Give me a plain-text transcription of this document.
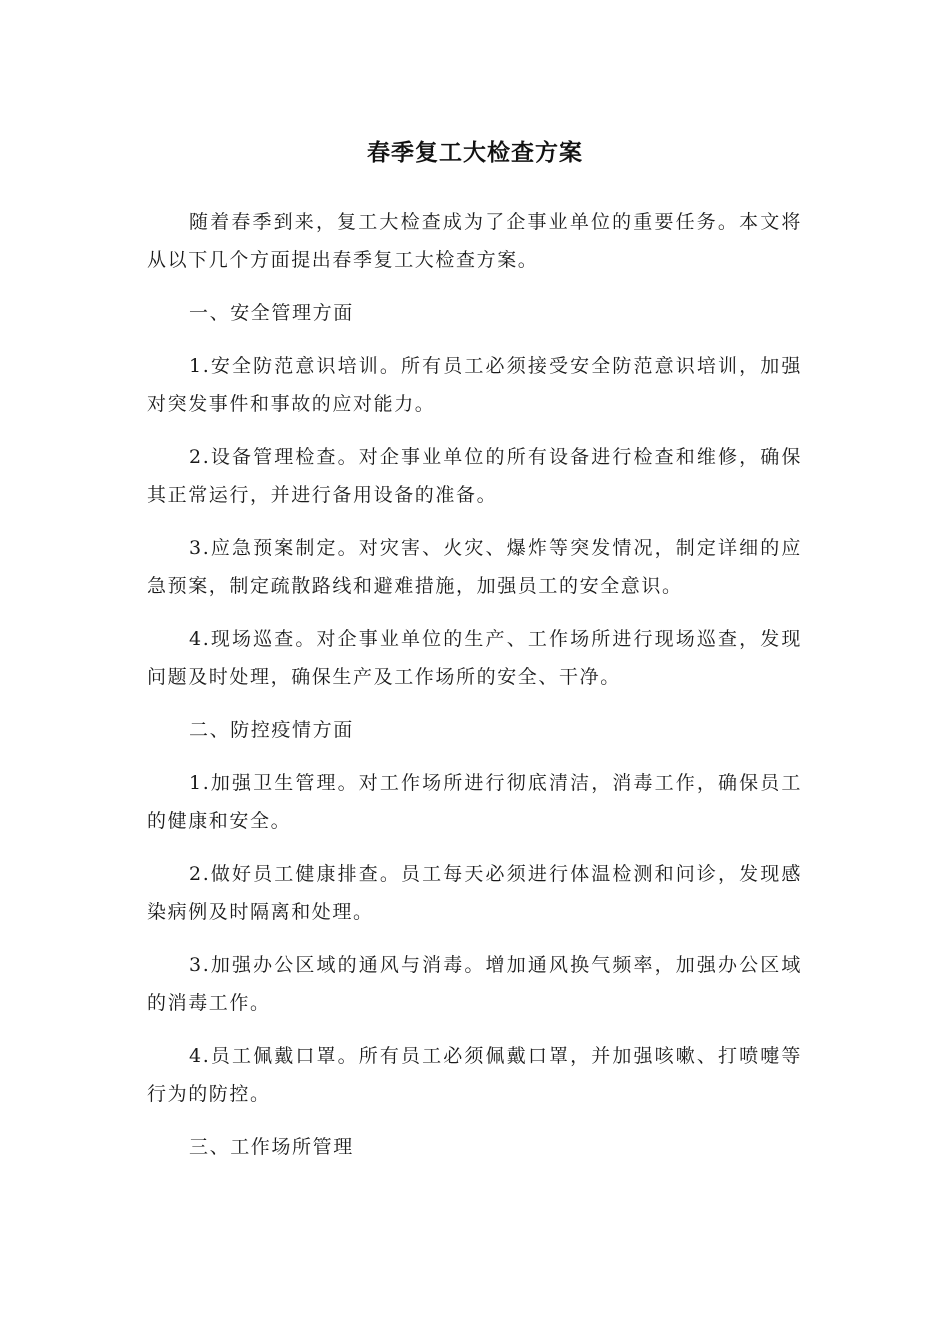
春季复工大检查方案

随着春季到来，复工大检查成为了企事业单位的重要任务。本文将从以下几个方面提出春季复工大检查方案。

一、安全管理方面

1.安全防范意识培训。所有员工必须接受安全防范意识培训，加强对突发事件和事故的应对能力。

2.设备管理检查。对企事业单位的所有设备进行检查和维修，确保其正常运行，并进行备用设备的准备。

3.应急预案制定。对灾害、火灾、爆炸等突发情况，制定详细的应急预案，制定疏散路线和避难措施，加强员工的安全意识。

4.现场巡查。对企事业单位的生产、工作场所进行现场巡查，发现问题及时处理，确保生产及工作场所的安全、干净。

二、防控疫情方面

1.加强卫生管理。对工作场所进行彻底清洁，消毒工作，确保员工的健康和安全。

2.做好员工健康排查。员工每天必须进行体温检测和问诊，发现感染病例及时隔离和处理。

3.加强办公区域的通风与消毒。增加通风换气频率，加强办公区域的消毒工作。

4.员工佩戴口罩。所有员工必须佩戴口罩，并加强咳嗽、打喷嚏等行为的防控。

三、工作场所管理
